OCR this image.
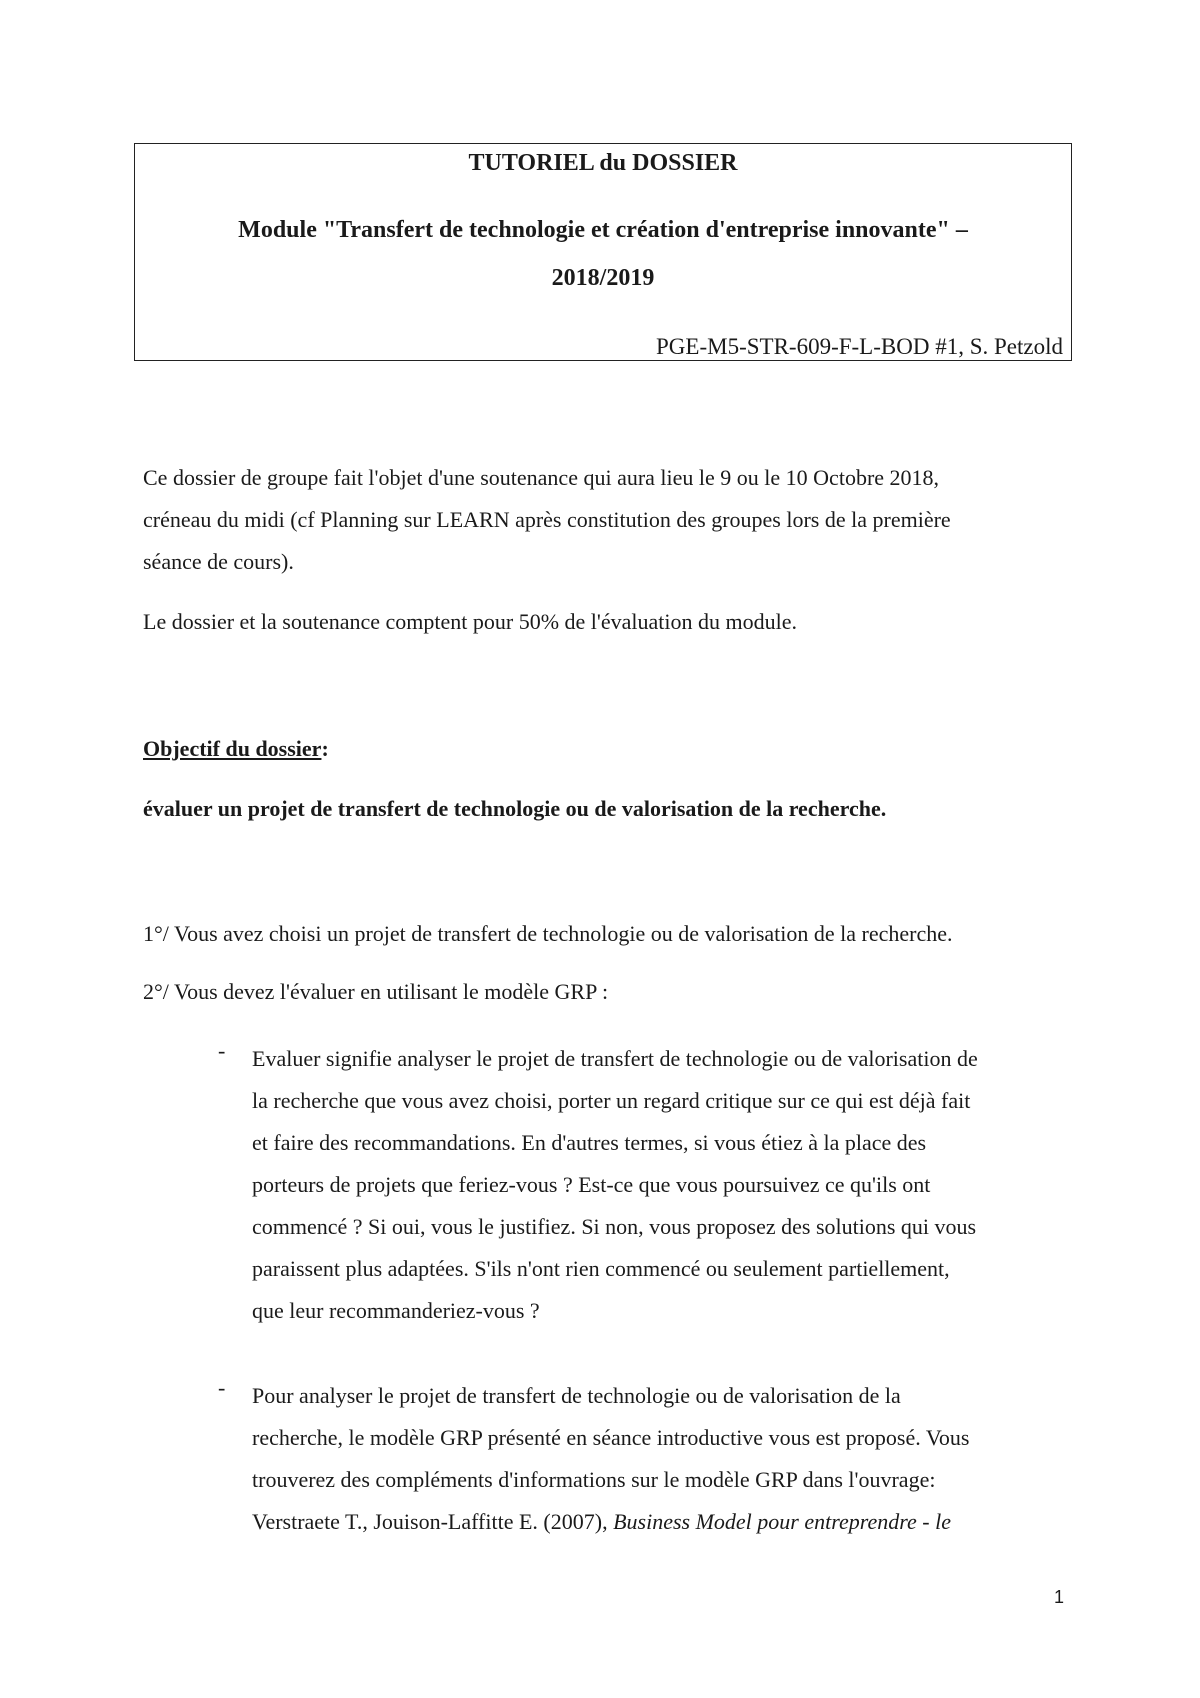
TUTORIEL du DOSSIER
Module "Transfert de technologie et création d'entreprise innovante" –
2018/2019
PGE-M5-STR-609-F-L-BOD #1, S. Petzold
Ce dossier de groupe fait l'objet d'une soutenance qui aura lieu le 9 ou le 10 Octobre 2018,
créneau du midi (cf Planning sur LEARN après constitution des groupes lors de la première
séance de cours).
Le dossier et la soutenance comptent pour 50% de l'évaluation du module.
Objectif du dossier:
évaluer un projet de transfert de technologie ou de valorisation de la recherche.
1°/ Vous avez choisi un projet de transfert de technologie ou de valorisation de la recherche.
2°/ Vous devez l'évaluer en utilisant le modèle GRP :
- Evaluer signifie analyser le projet de transfert de technologie ou de valorisation de
la recherche que vous avez choisi, porter un regard critique sur ce qui est déjà fait
et faire des recommandations. En d'autres termes, si vous étiez à la place des
porteurs de projets que feriez-vous ? Est-ce que vous poursuivez ce qu'ils ont
commencé ? Si oui, vous le justifiez. Si non, vous proposez des solutions qui vous
paraissent plus adaptées. S'ils n'ont rien commencé ou seulement partiellement,
que leur recommanderiez-vous ?
- Pour analyser le projet de transfert de technologie ou de valorisation de la
recherche, le modèle GRP présenté en séance introductive vous est proposé. Vous
trouverez des compléments d'informations sur le modèle GRP dans l'ouvrage:
Verstraete T., Jouison-Laffitte E. (2007), Business Model pour entreprendre - le
1
